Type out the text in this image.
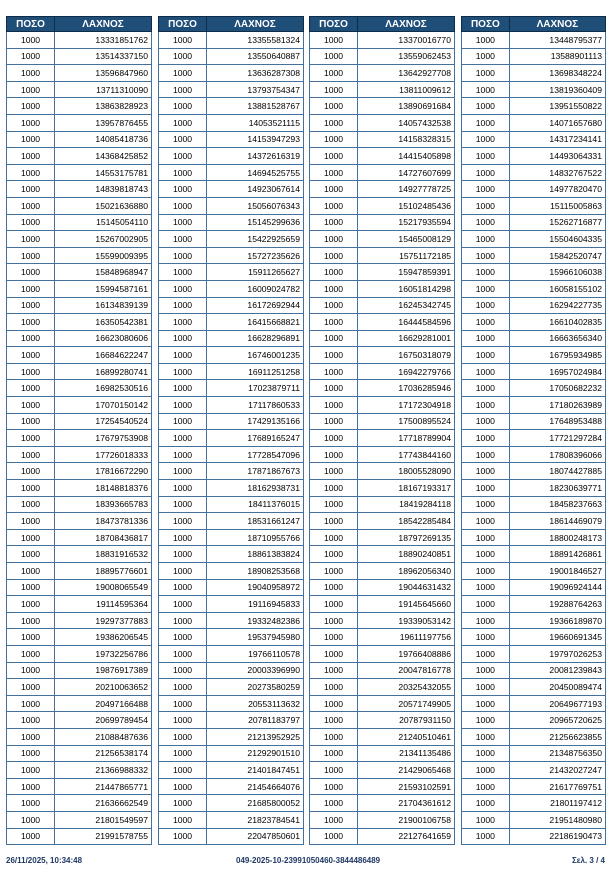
ΠΟΣΟ	ΛΑΧΝΟΣ
1000	13331851762
1000	13514337150
1000	13596847960
1000	13711310090
1000	13863828923
1000	13957876455
1000	14085418736
1000	14368425852
1000	14553175781
1000	14839818743
1000	15021636880
1000	15145054110
1000	15267002905
1000	15599009395
1000	15848968947
1000	15994587161
1000	16134839139
1000	16350542381
1000	16623080606
1000	16684622247
1000	16899280741
1000	16982530516
1000	17070150142
1000	17254540524
1000	17679753908
1000	17726018333
1000	17816672290
1000	18148818376
1000	18393665783
1000	18473781336
1000	18708436817
1000	18831916532
1000	18895776601
1000	19008065549
1000	19114595364
1000	19297377883
1000	19386206545
1000	19732256786
1000	19876917389
1000	20210063652
1000	20497166488
1000	20699789454
1000	21088487636
1000	21256538174
1000	21366988332
1000	21447865771
1000	21636662549
1000	21801549597
1000	21991578755
ΠΟΣΟ	ΛΑΧΝΟΣ
1000	13355581324
1000	13550640887
1000	13636287308
1000	13793754347
1000	13881528767
1000	14053521115
1000	14153947293
1000	14372616319
1000	14694525755
1000	14923067614
1000	15056076343
1000	15145299636
1000	15422925659
1000	15727235626
1000	15911265627
1000	16009024782
1000	16172692944
1000	16415668821
1000	16628296891
1000	16746001235
1000	16911251258
1000	17023879711
1000	17117860533
1000	17429135166
1000	17689165247
1000	17728547096
1000	17871867673
1000	18162938731
1000	18411376015
1000	18531661247
1000	18710955766
1000	18861383824
1000	18908253568
1000	19040958972
1000	19116945833
1000	19332482386
1000	19537945980
1000	19766110578
1000	20003396990
1000	20273580259
1000	20553113632
1000	20781183797
1000	21213952925
1000	21292901510
1000	21401847451
1000	21454664076
1000	21685800052
1000	21823784541
1000	22047850601
ΠΟΣΟ	ΛΑΧΝΟΣ
1000	13370016770
1000	13559062453
1000	13642927708
1000	13811009612
1000	13890691684
1000	14057432538
1000	14158328315
1000	14415405898
1000	14727607699
1000	14927778725
1000	15102485436
1000	15217935594
1000	15465008129
1000	15751172185
1000	15947859391
1000	16051814298
1000	16245342745
1000	16444584596
1000	16629281001
1000	16750318079
1000	16942279766
1000	17036285946
1000	17172304918
1000	17500895524
1000	17718789904
1000	17743844160
1000	18005528090
1000	18167193317
1000	18419284118
1000	18542285484
1000	18797269135
1000	18890240851
1000	18962056340
1000	19044631432
1000	19145645660
1000	19339053142
1000	19611197756
1000	19766408886
1000	20047816778
1000	20325432055
1000	20571749905
1000	20787931150
1000	21240510461
1000	21341135486
1000	21429065468
1000	21593102591
1000	21704361612
1000	21900106758
1000	22127641659
ΠΟΣΟ	ΛΑΧΝΟΣ
1000	13448795377
1000	13588901113
1000	13698348224
1000	13819360409
1000	13951550822
1000	14071657680
1000	14317234141
1000	14493064331
1000	14832767522
1000	14977820470
1000	15115005863
1000	15262716877
1000	15504604335
1000	15842520747
1000	15966106038
1000	16058155102
1000	16294227735
1000	16610402835
1000	16663656340
1000	16795934985
1000	16957024984
1000	17050682232
1000	17180263989
1000	17648953488
1000	17721297284
1000	17808396066
1000	18074427885
1000	18230639771
1000	18458237663
1000	18614469079
1000	18800248173
1000	18891426861
1000	19001846527
1000	19096924144
1000	19288764263
1000	19366189870
1000	19660691345
1000	19797026253
1000	20081239843
1000	20450089474
1000	20649677193
1000	20965720625
1000	21256623855
1000	21348756350
1000	21432027247
1000	21617769751
1000	21801197412
1000	21951480980
1000	22186190473
26/11/2025, 10:34:48	049-2025-10-23991050460-3844486489	Σελ. 3 / 4
